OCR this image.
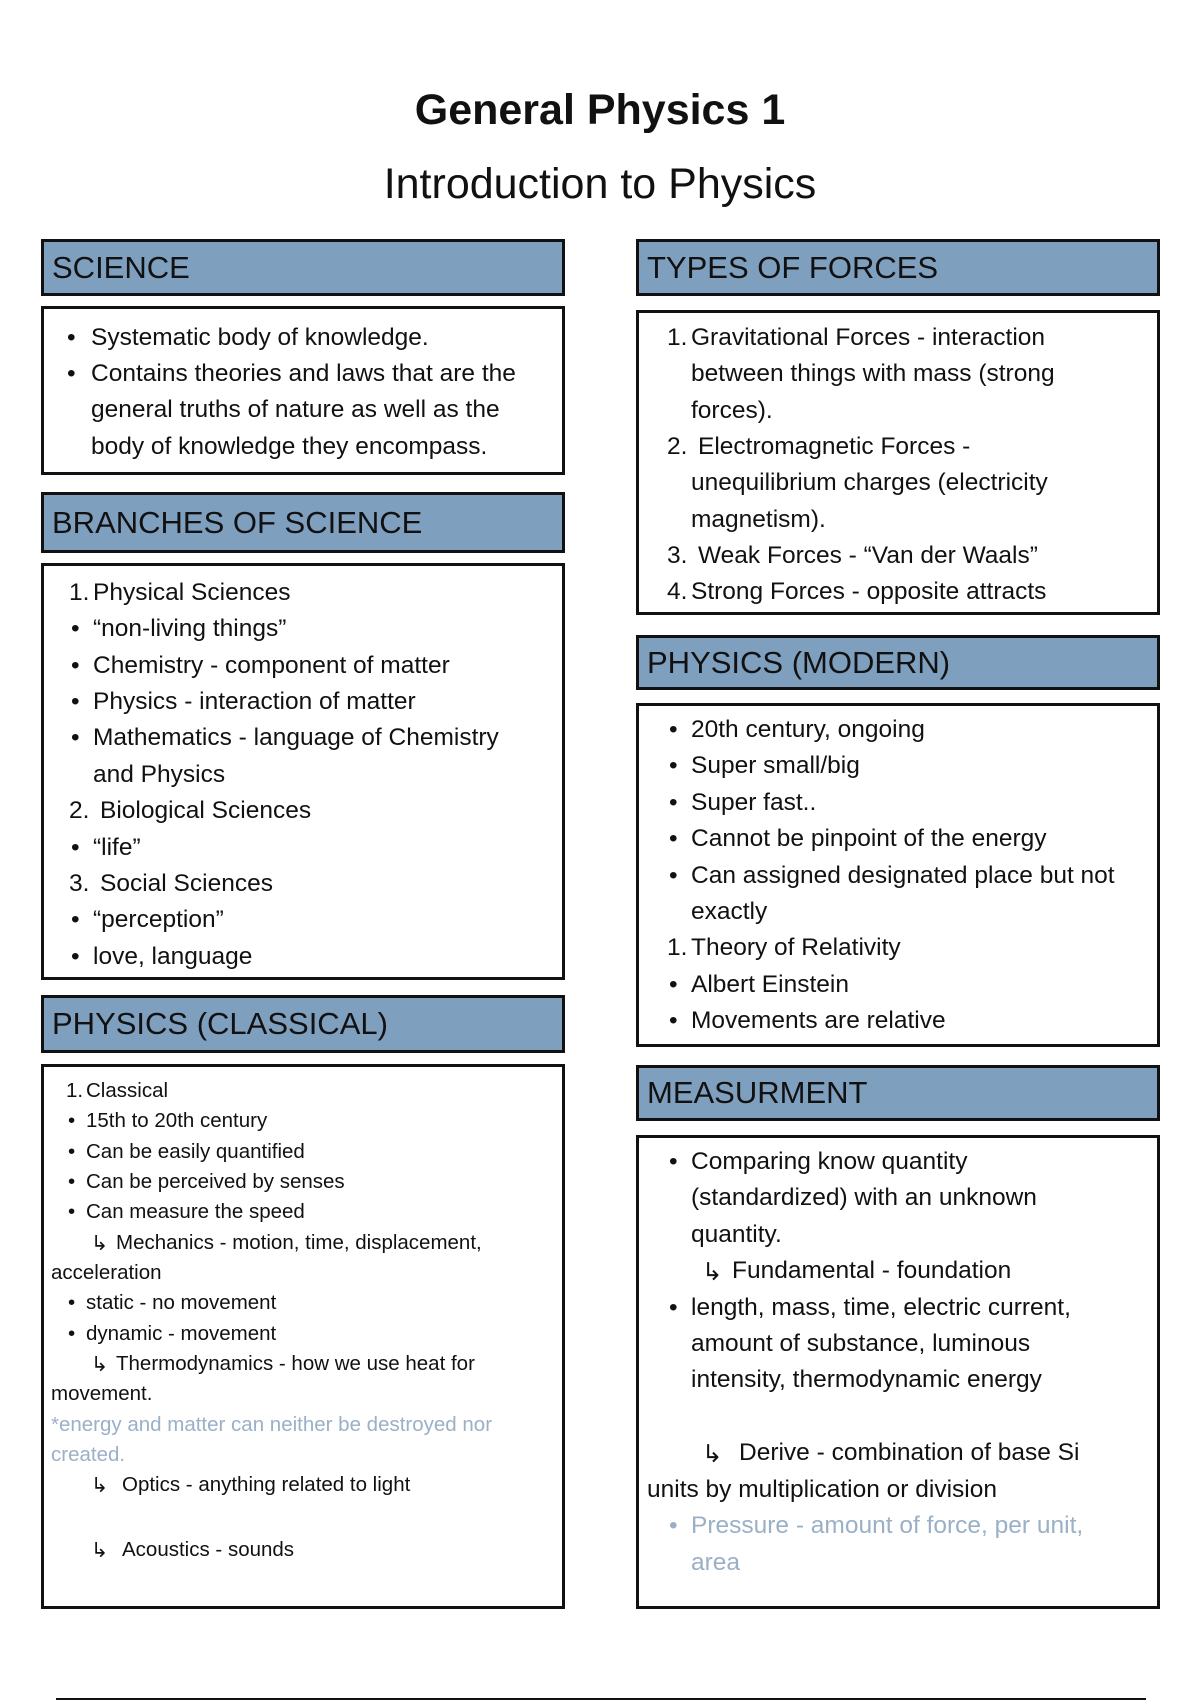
General Physics 1
Introduction to Physics
SCIENCE
• Systematic body of knowledge.
• Contains theories and laws that are the
general truths of nature as well as the
body of knowledge they encompass.
BRANCHES OF SCIENCE
1. Physical Sciences
• “non-living things”
• Chemistry - component of matter
• Physics - interaction of matter
• Mathematics - language of Chemistry
and Physics
2. Biological Sciences
• “life”
3. Social Sciences
• “perception”
• love, language
PHYSICS (CLASSICAL)
1. Classical
• 15th to 20th century
• Can be easily quantified
• Can be perceived by senses
• Can measure the speed
↳ Mechanics - motion, time, displacement,
acceleration
• static - no movement
• dynamic - movement
↳ Thermodynamics - how we use heat for
movement.
*energy and matter can neither be destroyed nor
created.
↳ Optics - anything related to light
↳ Acoustics - sounds
TYPES OF FORCES
1. Gravitational Forces - interaction
between things with mass (strong
forces).
2. Electromagnetic Forces -
unequilibrium charges (electricity
magnetism).
3. Weak Forces - “Van der Waals”
4. Strong Forces - opposite attracts
PHYSICS (MODERN)
• 20th century, ongoing
• Super small/big
• Super fast..
• Cannot be pinpoint of the energy
• Can assigned designated place but not
exactly
1. Theory of Relativity
• Albert Einstein
• Movements are relative
MEASURMENT
• Comparing know quantity
(standardized) with an unknown
quantity.
↳ Fundamental - foundation
• length, mass, time, electric current,
amount of substance, luminous
intensity, thermodynamic energy
↳ Derive - combination of base Si
units by multiplication or division
• Pressure - amount of force, per unit,
area
